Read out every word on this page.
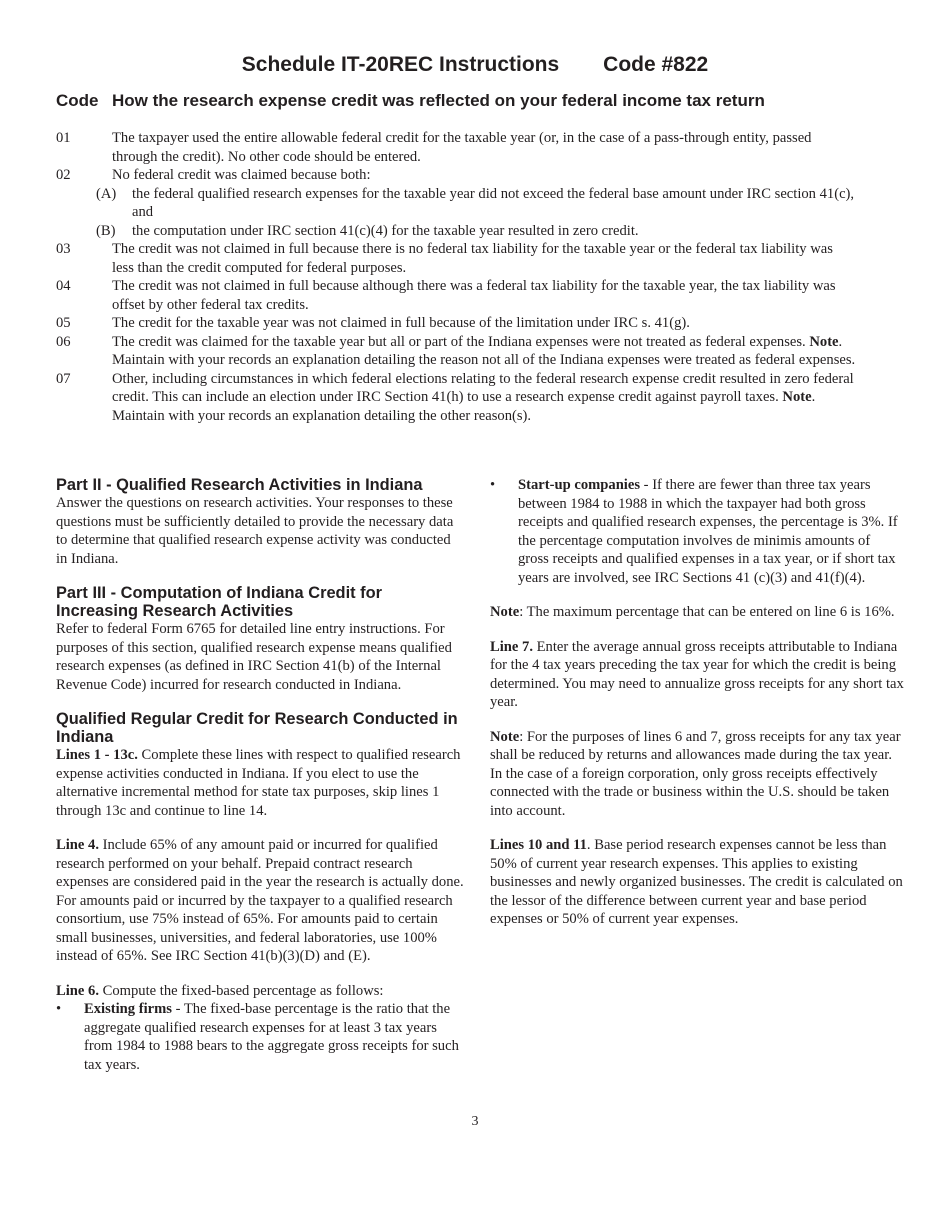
Schedule IT-20REC Instructions Code #822
Code How the research expense credit was reflected on your federal income tax return
01	The taxpayer used the entire allowable federal credit for the taxable year (or, in the case of a pass-through entity, passed through the credit). No other code should be entered.
02	No federal credit was claimed because both:
(A) the federal qualified research expenses for the taxable year did not exceed the federal base amount under IRC section 41(c), and
(B) the computation under IRC section 41(c)(4) for the taxable year resulted in zero credit.
03	The credit was not claimed in full because there is no federal tax liability for the taxable year or the federal tax liability was less than the credit computed for federal purposes.
04	The credit was not claimed in full because although there was a federal tax liability for the taxable year, the tax liability was offset by other federal tax credits.
05	The credit for the taxable year was not claimed in full because of the limitation under IRC s. 41(g).
06	The credit was claimed for the taxable year but all or part of the Indiana expenses were not treated as federal expenses. Note. Maintain with your records an explanation detailing the reason not all of the Indiana expenses were treated as federal expenses.
07	Other, including circumstances in which federal elections relating to the federal research expense credit resulted in zero federal credit. This can include an election under IRC Section 41(h) to use a research expense credit against payroll taxes. Note. Maintain with your records an explanation detailing the other reason(s).
Part II - Qualified Research Activities in Indiana

Answer the questions on research activities. Your responses to these questions must be sufficiently detailed to provide the necessary data to determine that qualified research expense activity was conducted in Indiana.

Part III - Computation of Indiana Credit for Increasing Research Activities

Refer to federal Form 6765 for detailed line entry instructions. For purposes of this section, qualified research expense means qualified research expenses (as defined in IRC Section 41(b) of the Internal Revenue Code) incurred for research conducted in Indiana.

Qualified Regular Credit for Research Conducted in Indiana

Lines 1 - 13c. Complete these lines with respect to qualified research expense activities conducted in Indiana. If you elect to use the alternative incremental method for state tax purposes, skip lines 1 through 13c and continue to line 14.

Line 4. Include 65% of any amount paid or incurred for qualified research performed on your behalf. Prepaid contract research expenses are considered paid in the year the research is actually done. For amounts paid or incurred by the taxpayer to a qualified research consortium, use 75% instead of 65%. For amounts paid to certain small businesses, universities, and federal laboratories, use 100% instead of 65%. See IRC Section 41(b)(3)(D) and (E).

Line 6. Compute the fixed-based percentage as follows:

• Existing firms - The fixed-base percentage is the ratio that the aggregate qualified research expenses for at least 3 tax years from 1984 to 1988 bears to the aggregate gross receipts for such tax years.
• Start-up companies - If there are fewer than three tax years between 1984 to 1988 in which the taxpayer had both gross receipts and qualified research expenses, the percentage is 3%. If the percentage computation involves de minimis amounts of gross receipts and qualified expenses in a tax year, or if short tax years are involved, see IRC Sections 41 (c)(3) and 41(f)(4).

Note: The maximum percentage that can be entered on line 6 is 16%.

Line 7. Enter the average annual gross receipts attributable to Indiana for the 4 tax years preceding the tax year for which the credit is being determined. You may need to annualize gross receipts for any short tax year.

Note: For the purposes of lines 6 and 7, gross receipts for any tax year shall be reduced by returns and allowances made during the tax year. In the case of a foreign corporation, only gross receipts effectively connected with the trade or business within the U.S. should be taken into account.

Lines 10 and 11. Base period research expenses cannot be less than 50% of current year research expenses. This applies to existing businesses and newly organized businesses. The credit is calculated on the lessor of the difference between current year and base period expenses or 50% of current year expenses.

3
